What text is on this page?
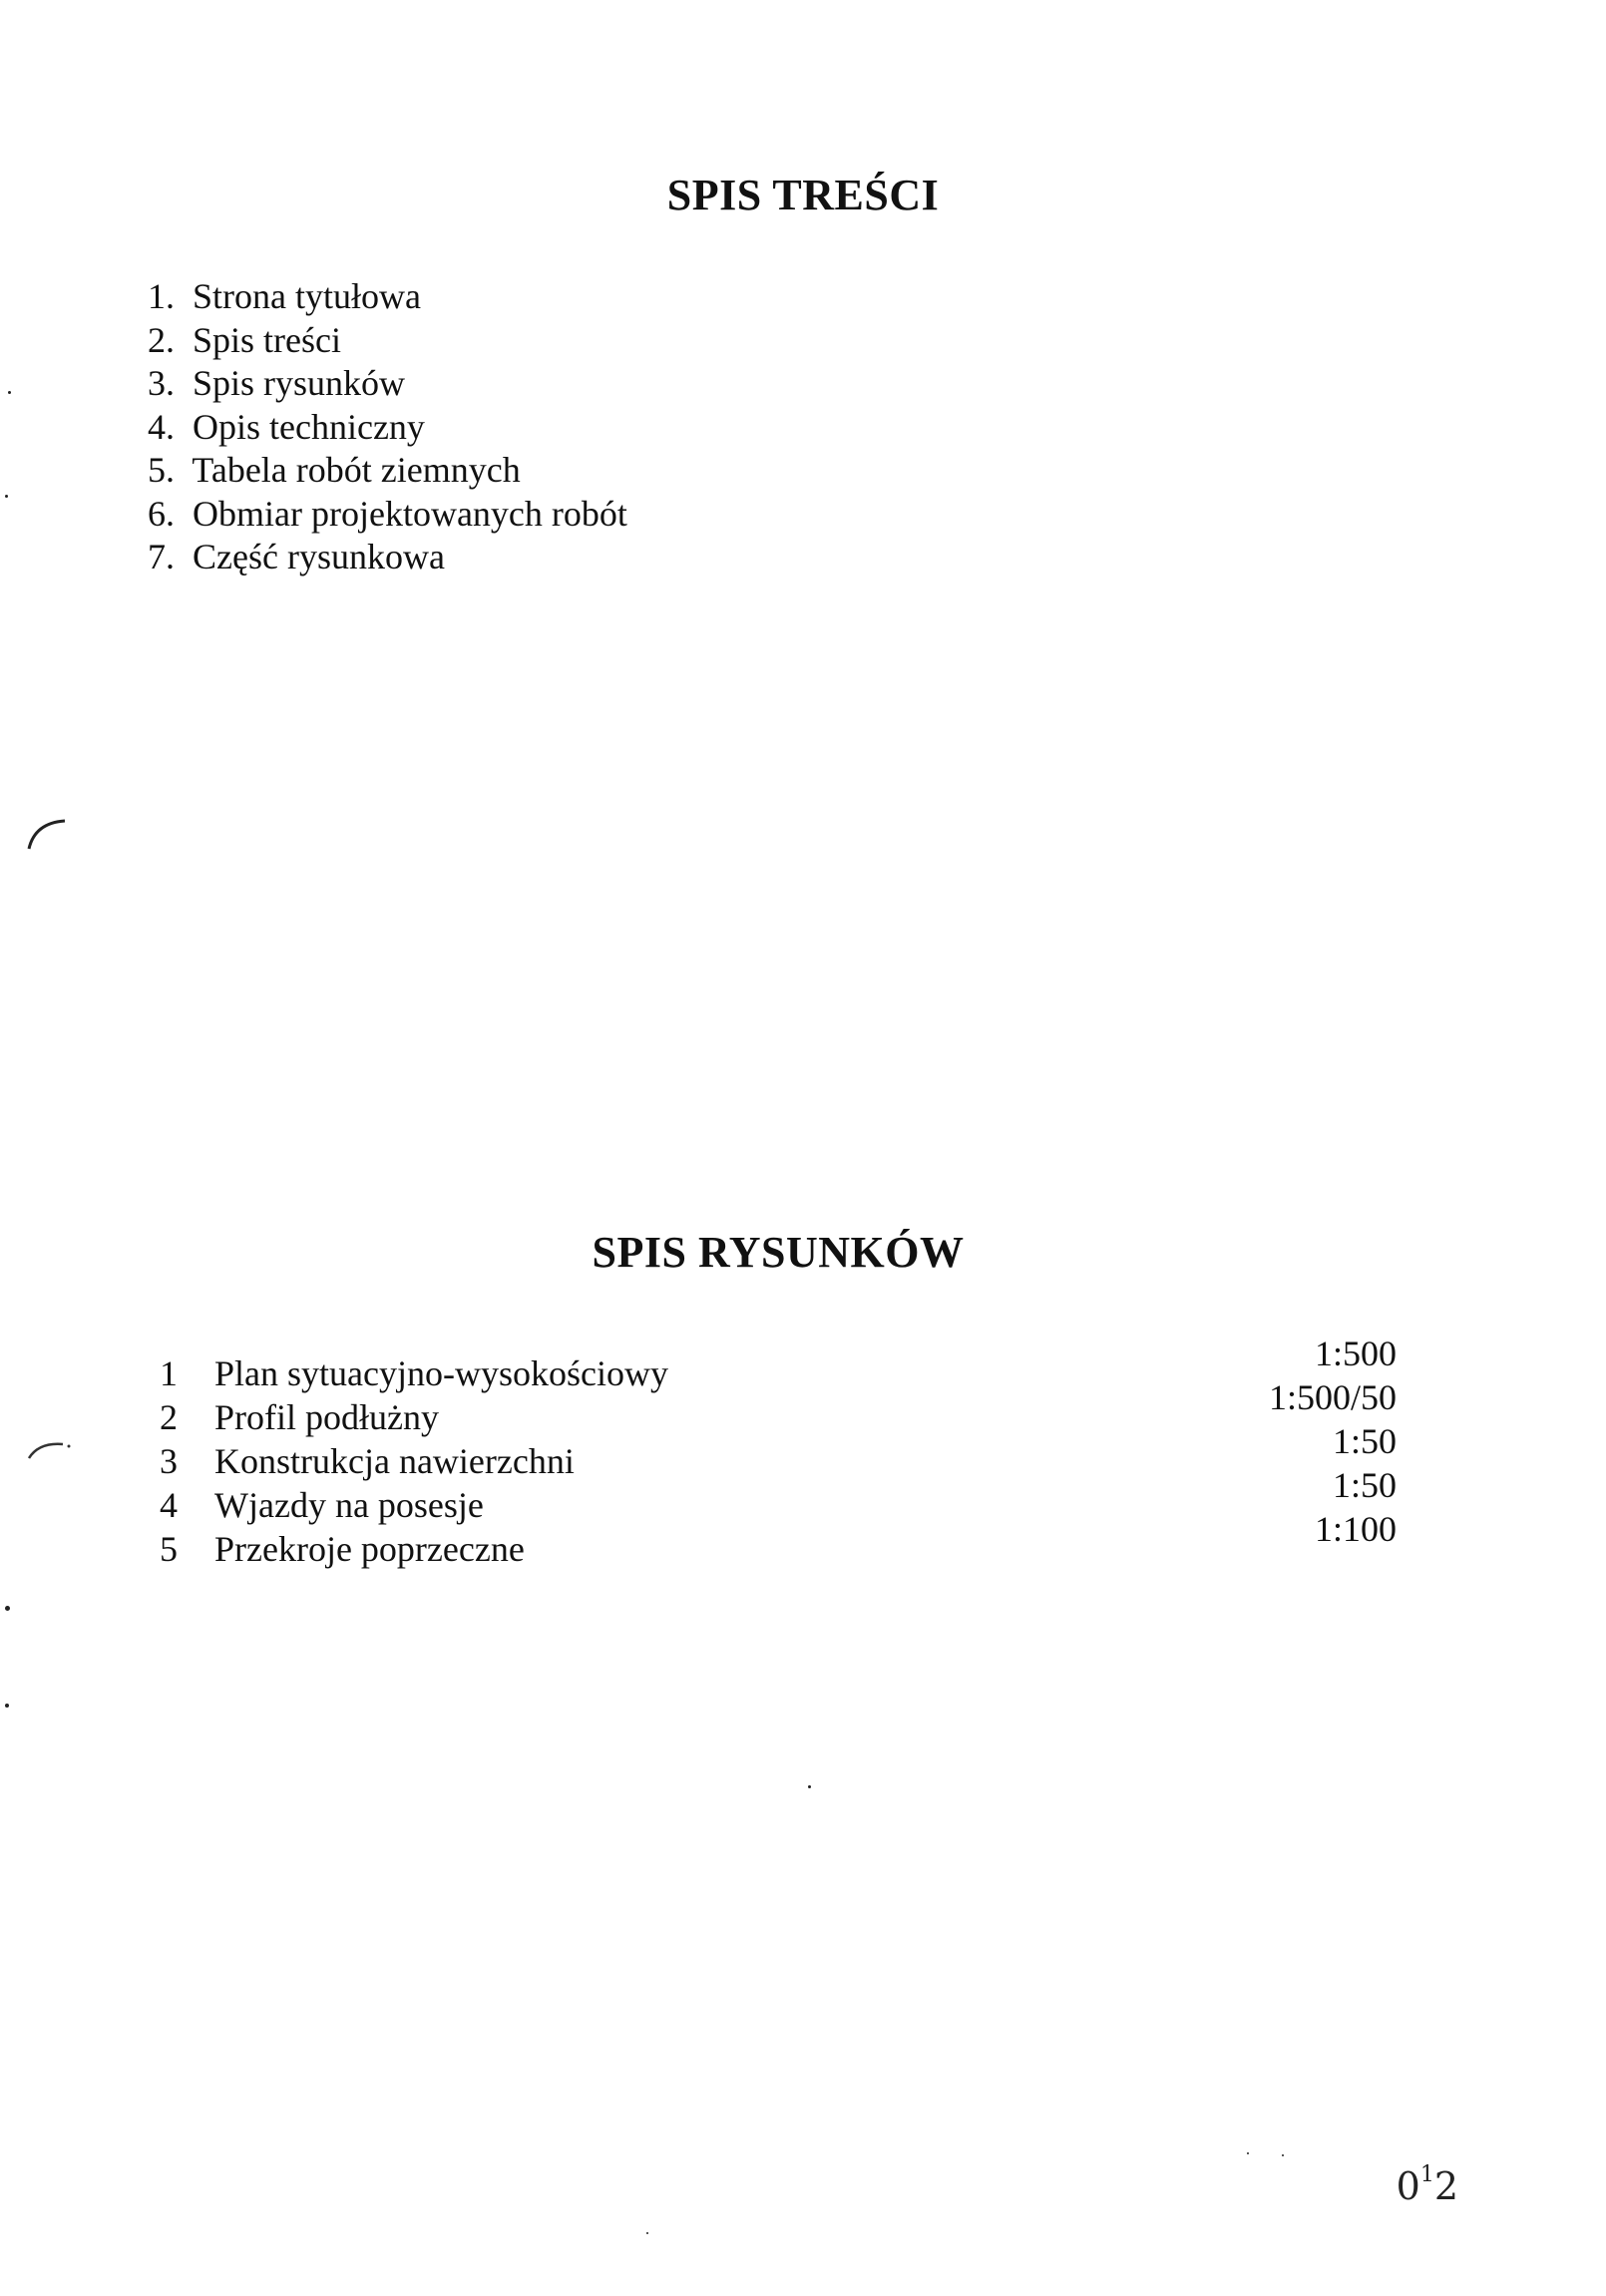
SPIS TREŚCI
1. Strona tytułowa
2. Spis treści
3. Spis rysunków
4. Opis techniczny
5. Tabela robót ziemnych
6. Obmiar projektowanych robót
7. Część rysunkowa
SPIS RYSUNKÓW
1	Plan sytuacyjno-wysokościowy	1:500
2	Profil podłużny	1:500/50
3	Konstrukcja nawierzchni	1:50
4	Wjazdy na posesje	1:50
5	Przekroje poprzeczne	1:100
$0^12$
